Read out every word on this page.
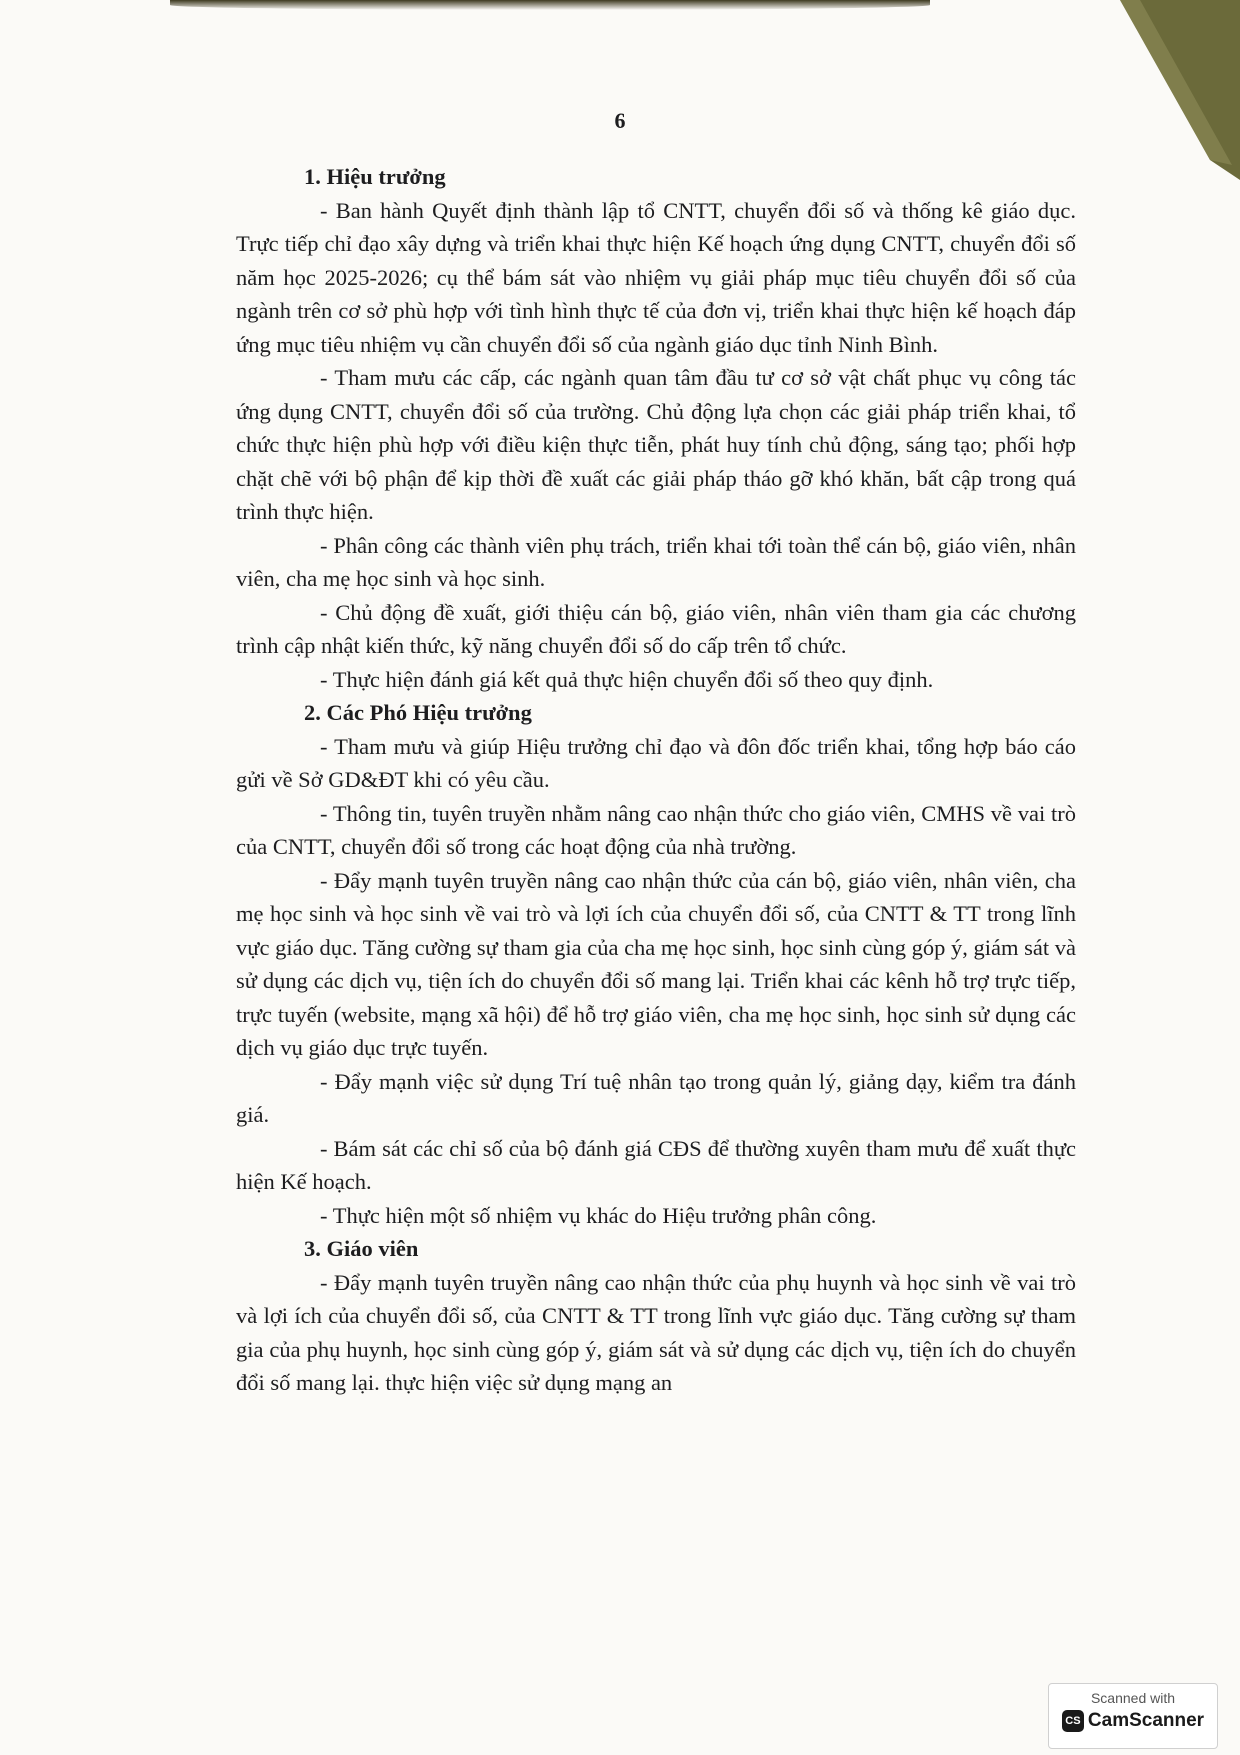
6

1. Hiệu trưởng

- Ban hành Quyết định thành lập tổ CNTT, chuyển đổi số và thống kê giáo dục. Trực tiếp chỉ đạo xây dựng và triển khai thực hiện Kế hoạch ứng dụng CNTT, chuyển đổi số năm học 2025-2026; cụ thể bám sát vào nhiệm vụ giải pháp mục tiêu chuyển đổi số của ngành trên cơ sở phù hợp với tình hình thực tế của đơn vị, triển khai thực hiện kế hoạch đáp ứng mục tiêu nhiệm vụ cần chuyển đổi số của ngành giáo dục tỉnh Ninh Bình.

- Tham mưu các cấp, các ngành quan tâm đầu tư cơ sở vật chất phục vụ công tác ứng dụng CNTT, chuyển đổi số của trường. Chủ động lựa chọn các giải pháp triển khai, tổ chức thực hiện phù hợp với điều kiện thực tiễn, phát huy tính chủ động, sáng tạo; phối hợp chặt chẽ với bộ phận để kịp thời đề xuất các giải pháp tháo gỡ khó khăn, bất cập trong quá trình thực hiện.

- Phân công các thành viên phụ trách, triển khai tới toàn thể cán bộ, giáo viên, nhân viên, cha mẹ học sinh và học sinh.

- Chủ động đề xuất, giới thiệu cán bộ, giáo viên, nhân viên tham gia các chương trình cập nhật kiến thức, kỹ năng chuyển đổi số do cấp trên tổ chức.

- Thực hiện đánh giá kết quả thực hiện chuyển đổi số theo quy định.

2. Các Phó Hiệu trưởng

- Tham mưu và giúp Hiệu trưởng chỉ đạo và đôn đốc triển khai, tổng hợp báo cáo gửi về Sở GD&ĐT khi có yêu cầu.

- Thông tin, tuyên truyền nhằm nâng cao nhận thức cho giáo viên, CMHS về vai trò của CNTT, chuyển đổi số trong các hoạt động của nhà trường.

- Đẩy mạnh tuyên truyền nâng cao nhận thức của cán bộ, giáo viên, nhân viên, cha mẹ học sinh và học sinh về vai trò và lợi ích của chuyển đổi số, của CNTT & TT trong lĩnh vực giáo dục. Tăng cường sự tham gia của cha mẹ học sinh, học sinh cùng góp ý, giám sát và sử dụng các dịch vụ, tiện ích do chuyển đổi số mang lại. Triển khai các kênh hỗ trợ trực tiếp, trực tuyến (website, mạng xã hội) để hỗ trợ giáo viên, cha mẹ học sinh, học sinh sử dụng các dịch vụ giáo dục trực tuyến.

- Đẩy mạnh việc sử dụng Trí tuệ nhân tạo trong quản lý, giảng dạy, kiểm tra đánh giá.

- Bám sát các chỉ số của bộ đánh giá CĐS để thường xuyên tham mưu để xuất thực hiện Kế hoạch.

- Thực hiện một số nhiệm vụ khác do Hiệu trưởng phân công.

3. Giáo viên

- Đẩy mạnh tuyên truyền nâng cao nhận thức của phụ huynh và học sinh về vai trò và lợi ích của chuyển đổi số, của CNTT & TT trong lĩnh vực giáo dục. Tăng cường sự tham gia của phụ huynh, học sinh cùng góp ý, giám sát và sử dụng các dịch vụ, tiện ích do chuyển đổi số mang lại. thực hiện việc sử dụng mạng an

Scanned with
CS CamScanner
